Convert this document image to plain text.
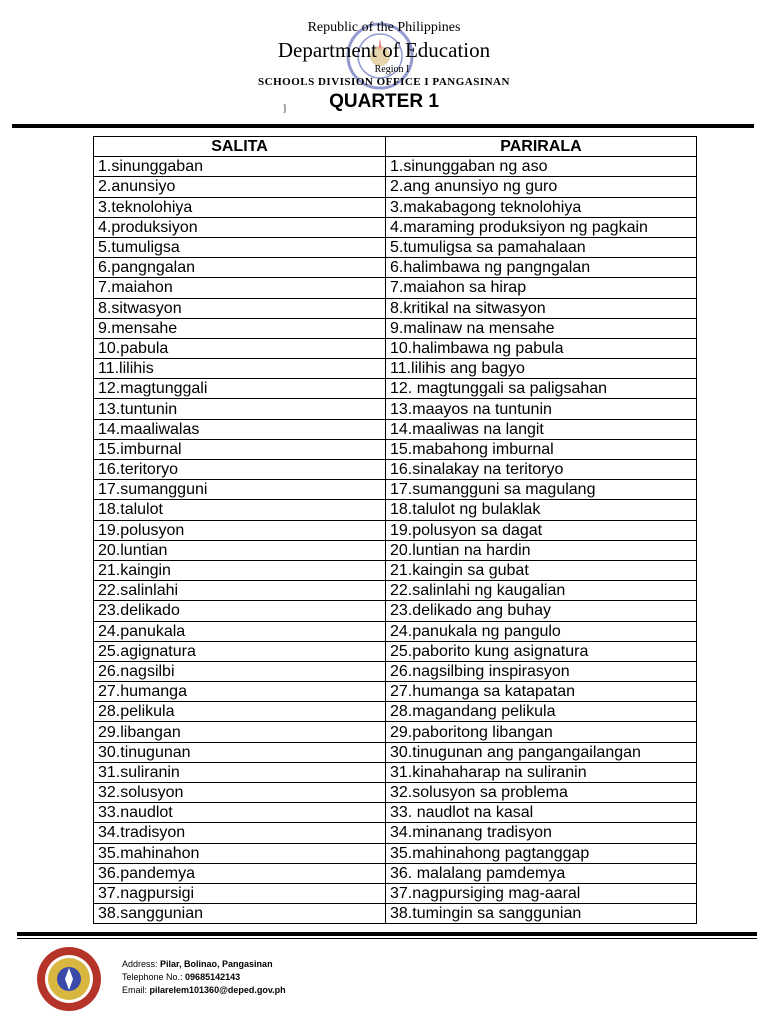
Republic of the Philippines
Department of Education
Region I
SCHOOLS DIVISION OFFICE I PANGASINAN
]	QUARTER 1
SALITA	PARIRALA
1.sinunggaban	1.sinunggaban ng aso
2.anunsiyo	2.ang anunsiyo ng guro
3.teknolohiya	3.makabagong teknolohiya
4.produksiyon	4.maraming produksiyon ng pagkain
5.tumuligsa	5.tumuligsa sa pamahalaan
6.pangngalan	6.halimbawa ng pangngalan
7.maiahon	7.maiahon sa hirap
8.sitwasyon	8.kritikal na sitwasyon
9.mensahe	9.malinaw na mensahe
10.pabula	10.halimbawa ng pabula
11.lilihis	11.lilihis ang bagyo
12.magtunggali	12. magtunggali sa paligsahan
13.tuntunin	13.maayos na tuntunin
14.maaliwalas	14.maaliwas na langit
15.imburnal	15.mabahong imburnal
16.teritoryo	16.sinalakay na teritoryo
17.sumangguni	17.sumangguni sa magulang
18.talulot	18.talulot ng bulaklak
19.polusyon	19.polusyon sa dagat
20.luntian	20.luntian na hardin
21.kaingin	21.kaingin sa gubat
22.salinlahi	22.salinlahi ng kaugalian
23.delikado	23.delikado ang buhay
24.panukala	24.panukala ng pangulo
25.agignatura	25.paborito kung asignatura
26.nagsilbi	26.nagsilbing inspirasyon
27.humanga	27.humanga sa katapatan
28.pelikula	28.magandang pelikula
29.libangan	29.paboritong libangan
30.tinugunan	30.tinugunan ang pangangailangan
31.suliranin	31.kinahaharap na suliranin
32.solusyon	32.solusyon sa problema
33.naudlot	33. naudlot na kasal
34.tradisyon	34.minanang tradisyon
35.mahinahon	35.mahinahong pagtanggap
36.pandemya	36. malalang pamdemya
37.nagpursigi	37.nagpursiging mag-aaral
38.sanggunian	38.tumingin sa sanggunian
Address: Pilar, Bolinao, Pangasinan
Telephone No.: 09685142143
Email: pilarelem101360@deped.gov.ph
